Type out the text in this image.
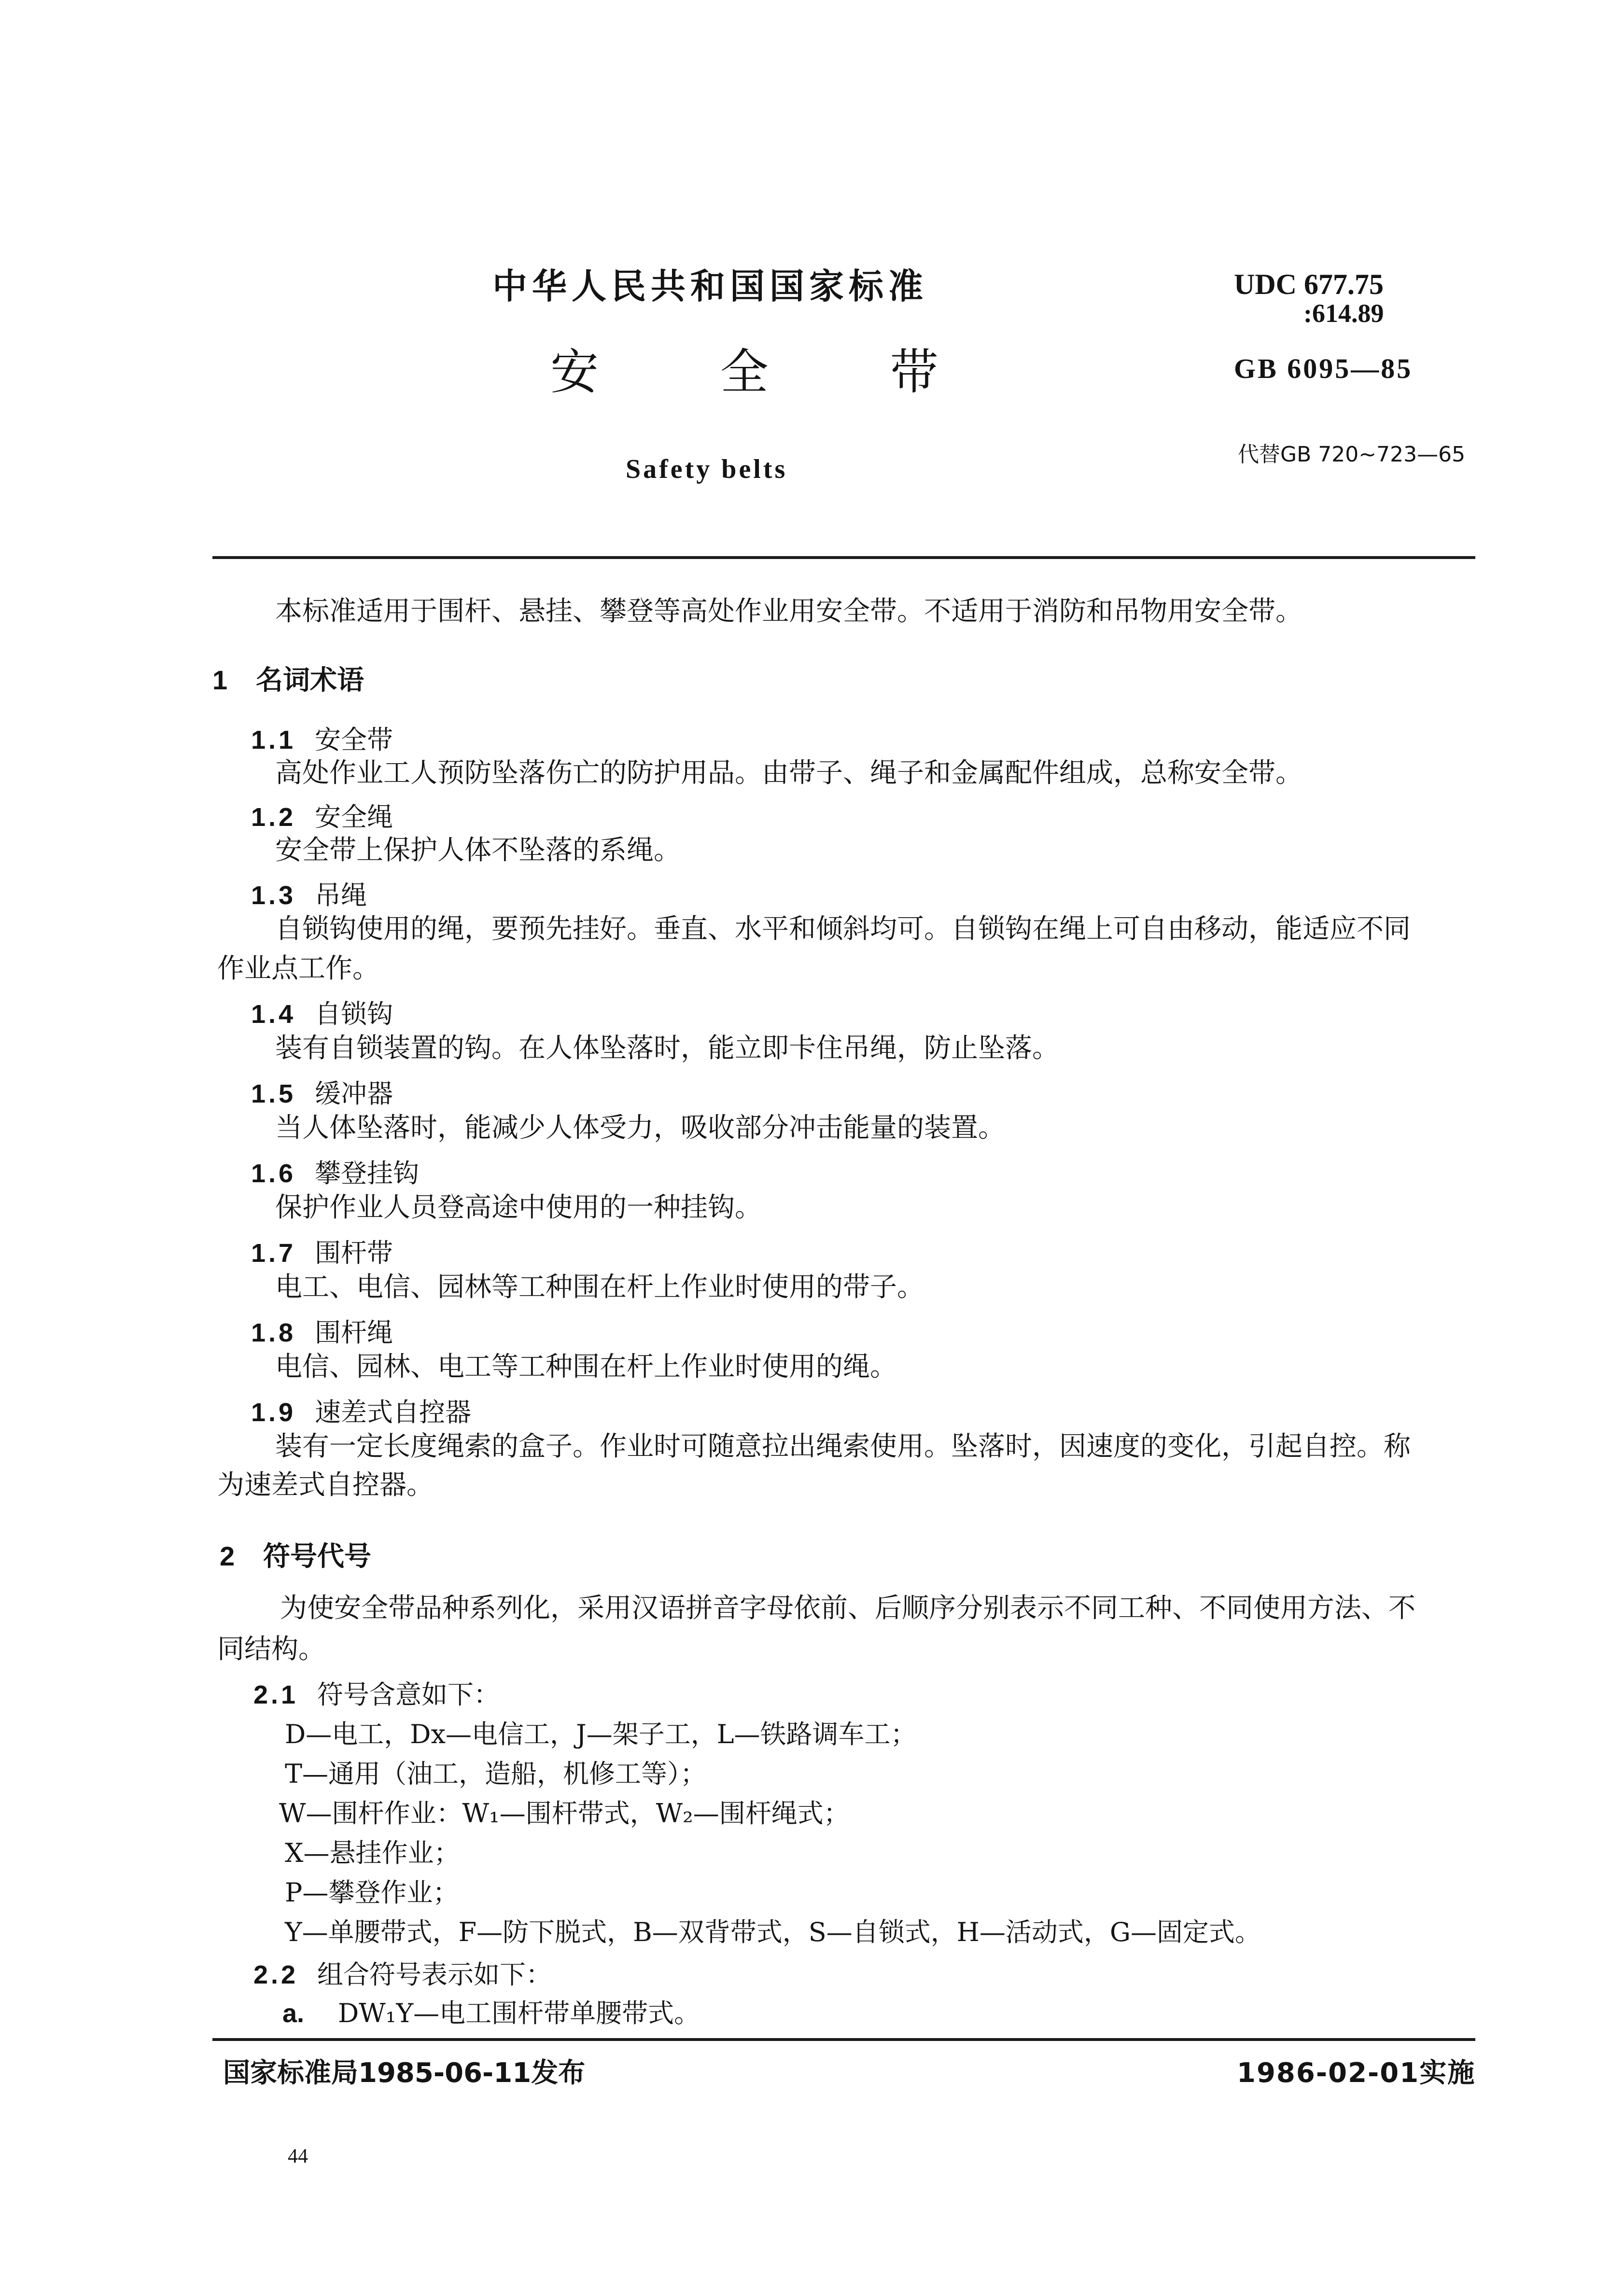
中华人民共和国国家标准
安 全 带
Safety belts
UDC 677.75
:614.89
GB 6095—85
代替GB 720~723—65
本标准适用于围杆、悬挂、攀登等高处作业用安全带。不适用于消防和吊物用安全带。
1 名词术语
1.1 安全带
高处作业工人预防坠落伤亡的防护用品。由带子、绳子和金属配件组成，总称安全带。
1.2 安全绳
安全带上保护人体不坠落的系绳。
1.3 吊绳
自锁钩使用的绳，要预先挂好。垂直、水平和倾斜均可。自锁钩在绳上可自由移动，能适应不同
作业点工作。
1.4 自锁钩
装有自锁装置的钩。在人体坠落时，能立即卡住吊绳，防止坠落。
1.5 缓冲器
当人体坠落时，能减少人体受力，吸收部分冲击能量的装置。
1.6 攀登挂钩
保护作业人员登高途中使用的一种挂钩。
1.7 围杆带
电工、电信、园林等工种围在杆上作业时使用的带子。
1.8 围杆绳
电信、园林、电工等工种围在杆上作业时使用的绳。
1.9 速差式自控器
装有一定长度绳索的盒子。作业时可随意拉出绳索使用。坠落时，因速度的变化，引起自控。称
为速差式自控器。
2 符号代号
为使安全带品种系列化，采用汉语拼音字母依前、后顺序分别表示不同工种、不同使用方法、不
同结构。
2.1 符号含意如下：
D—电工，Dx—电信工，J—架子工，L—铁路调车工；
T—通用（油工，造船，机修工等）；
W—围杆作业：W₁—围杆带式，W₂—围杆绳式；
X—悬挂作业；
P—攀登作业；
Y—单腰带式，F—防下脱式，B—双背带式，S—自锁式，H—活动式，G—固定式。
2.2 组合符号表示如下：
a. DW₁Y—电工围杆带单腰带式。
国家标准局1985-06-11发布	1986-02-01实施
44
